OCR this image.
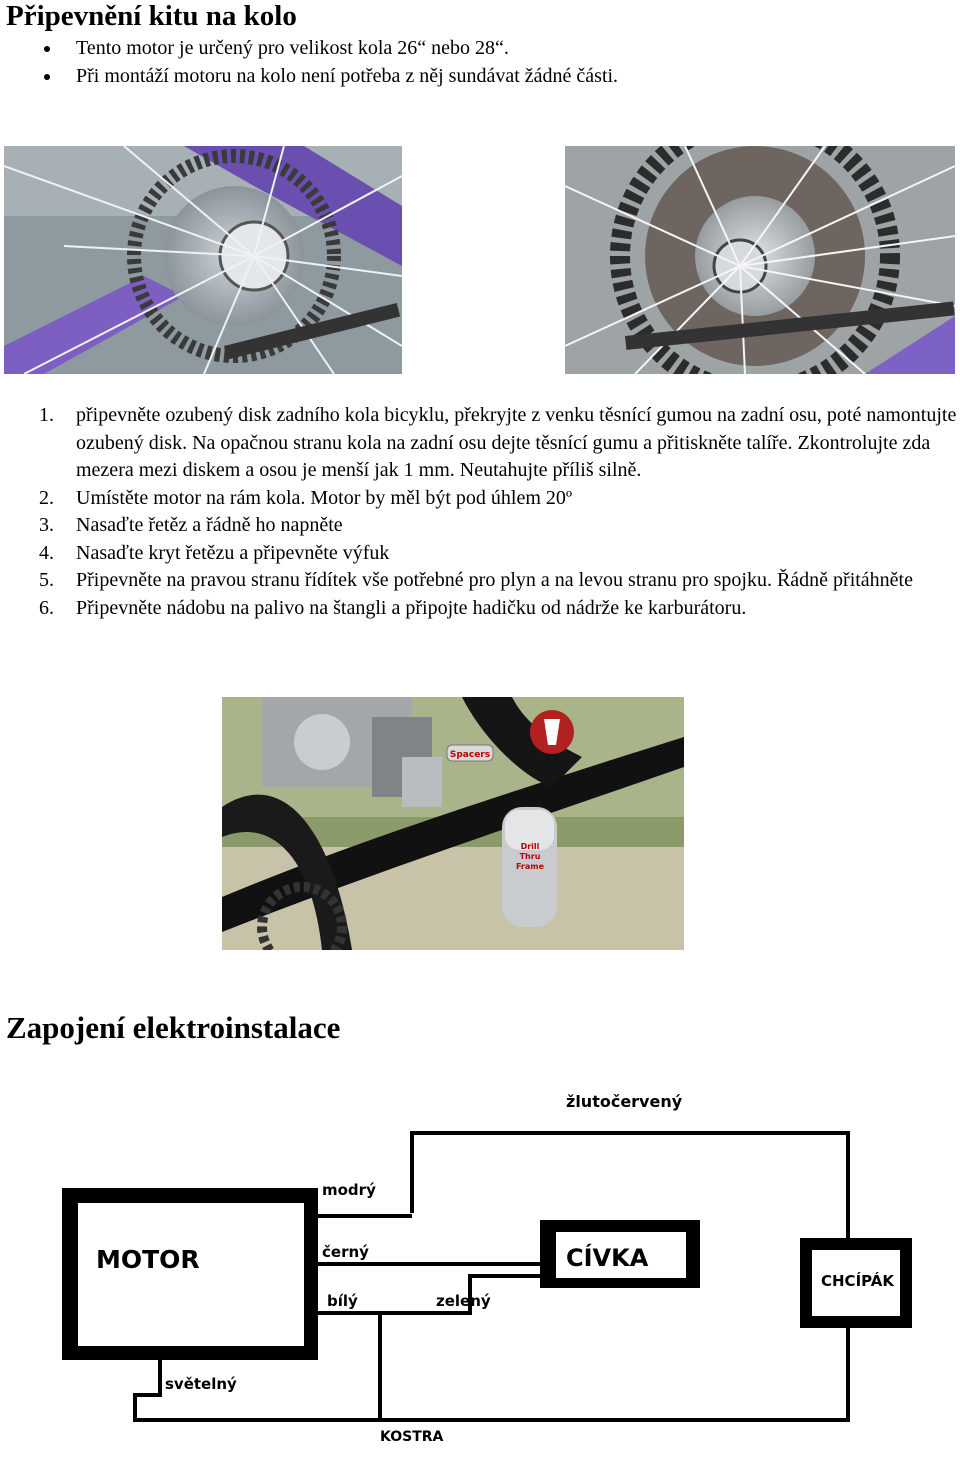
Připevnění kitu na kolo
Tento motor je určený pro velikost kola 26“ nebo 28“.
Při montáží motoru na kolo není potřeba z něj sundávat žádné části.
1. připevněte ozubený disk zadního kola bicyklu, překryjte z venku těsnící gumou na zadní osu, poté namontujte ozubený disk. Na opačnou stranu kola na zadní osu dejte těsnící gumu a přitiskněte talíře. Zkontrolujte zda mezera mezi diskem a osou je menší jak 1 mm. Neutahujte příliš silně.
2. Umístěte motor na rám kola. Motor by měl být pod úhlem 20º
3. Nasaďte řetěz a řádně ho napněte
4. Nasaďte kryt řetězu a připevněte výfuk
5. Připevněte na pravou stranu řídítek vše potřebné pro plyn a na levou stranu pro spojku. Řádně přitáhněte
6. Připevněte nádobu na palivo na štangli a připojte hadičku od nádrže ke karburátoru.
Spacers
Drill
Thru
Frame
Zapojení elektroinstalace
MOTOR	CÍVKA
CHCÍPÁK
žlutočervený
modrý
černý
bílý	zelený
světelný
KOSTRA
